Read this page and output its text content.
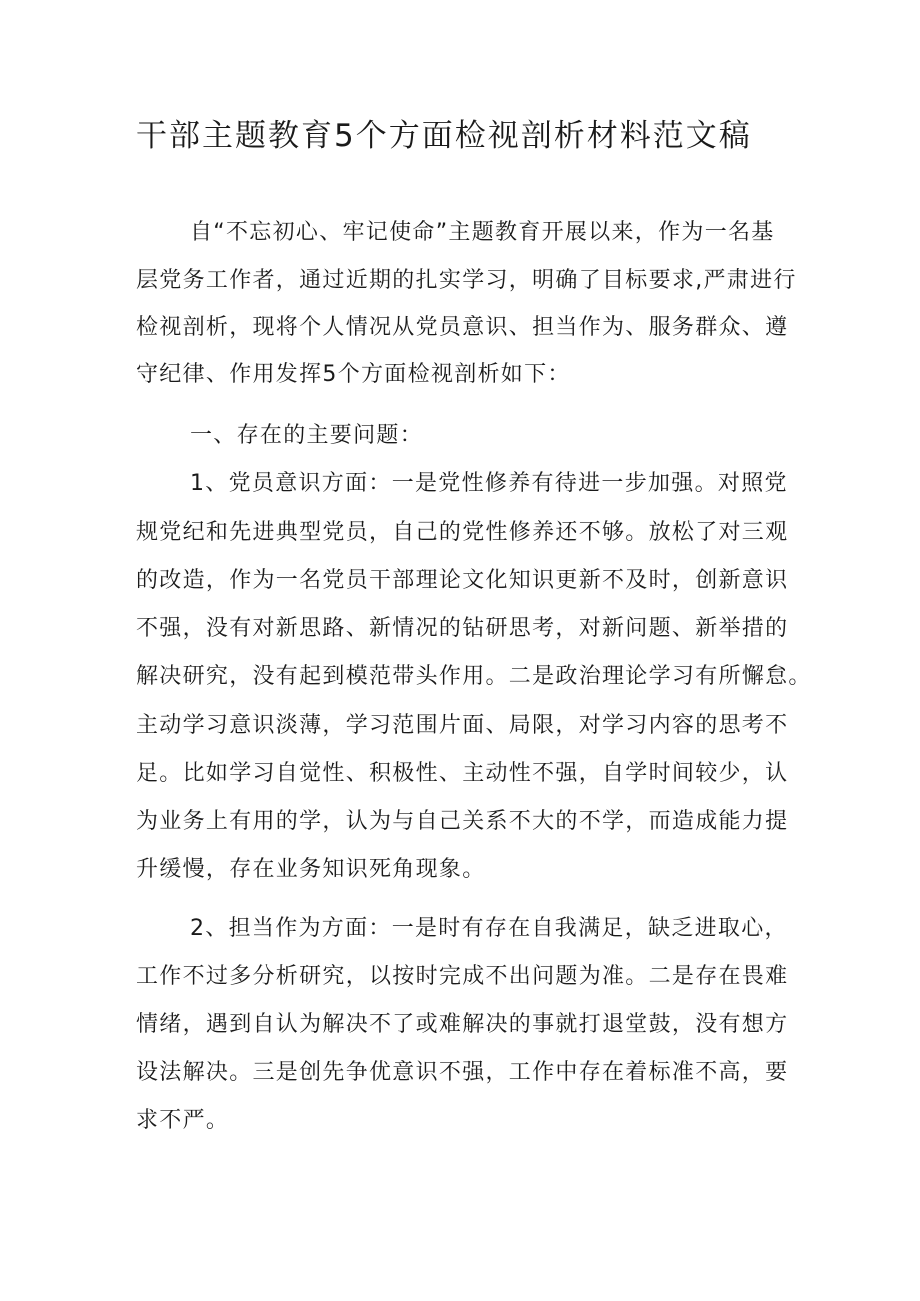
干部主题教育5个方面检视剖析材料范文稿

自“不忘初心、牢记使命”主题教育开展以来，作为一名基

层党务工作者，通过近期的扎实学习，明确了目标要求,严肃进行

检视剖析，现将个人情况从党员意识、担当作为、服务群众、遵

守纪律、作用发挥5个方面检视剖析如下：

一、存在的主要问题：

1、党员意识方面：一是党性修养有待进一步加强。对照党

规党纪和先进典型党员，自己的党性修养还不够。放松了对三观

的改造，作为一名党员干部理论文化知识更新不及时，创新意识

不强，没有对新思路、新情况的钻研思考，对新问题、新举措的

解决研究，没有起到模范带头作用。二是政治理论学习有所懈怠。

主动学习意识淡薄，学习范围片面、局限，对学习内容的思考不

足。比如学习自觉性、积极性、主动性不强，自学时间较少，认

为业务上有用的学，认为与自己关系不大的不学，而造成能力提

升缓慢，存在业务知识死角现象。

2、担当作为方面：一是时有存在自我满足，缺乏进取心，

工作不过多分析研究，以按时完成不出问题为准。二是存在畏难

情绪，遇到自认为解决不了或难解决的事就打退堂鼓，没有想方

设法解决。三是创先争优意识不强，工作中存在着标准不高，要

求不严。
